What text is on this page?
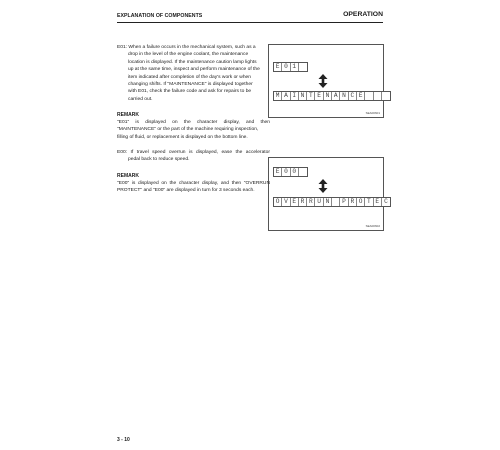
EXPLANATION OF COMPONENTS	OPERATION
E01: When a failure occurs in the mechanical system, such as a
drop in the level of the engine coolant, the maintenance
location is displayed. If the maintenance caution lamp lights
up at the same time, inspect and perform maintenance of the
item indicated after completion of the day's work or when
changing shifts. If "MAINTENANCE" is displayed together
with E01, check the failure code and ask for repairs to be
carried out.
E 0 1
M A I N T E N A N C E
SEA00601
REMARK
"E01" is displayed on the character display, and then
"MAINTENANCE" or the part of the machine requiring inspection,
filling of fluid, or replacement is displayed on the bottom line.
E00: If travel speed overrun is displayed, ease the accelerator
pedal back to reduce speed.
E 0 0
O V E R R U N	P R O T E C
SEA00602
REMARK
"E00" is displayed on the character display, and then "OVERRUN
PROTECT" and "E00" are displayed in turn for 3 seconds each.
3 - 10
